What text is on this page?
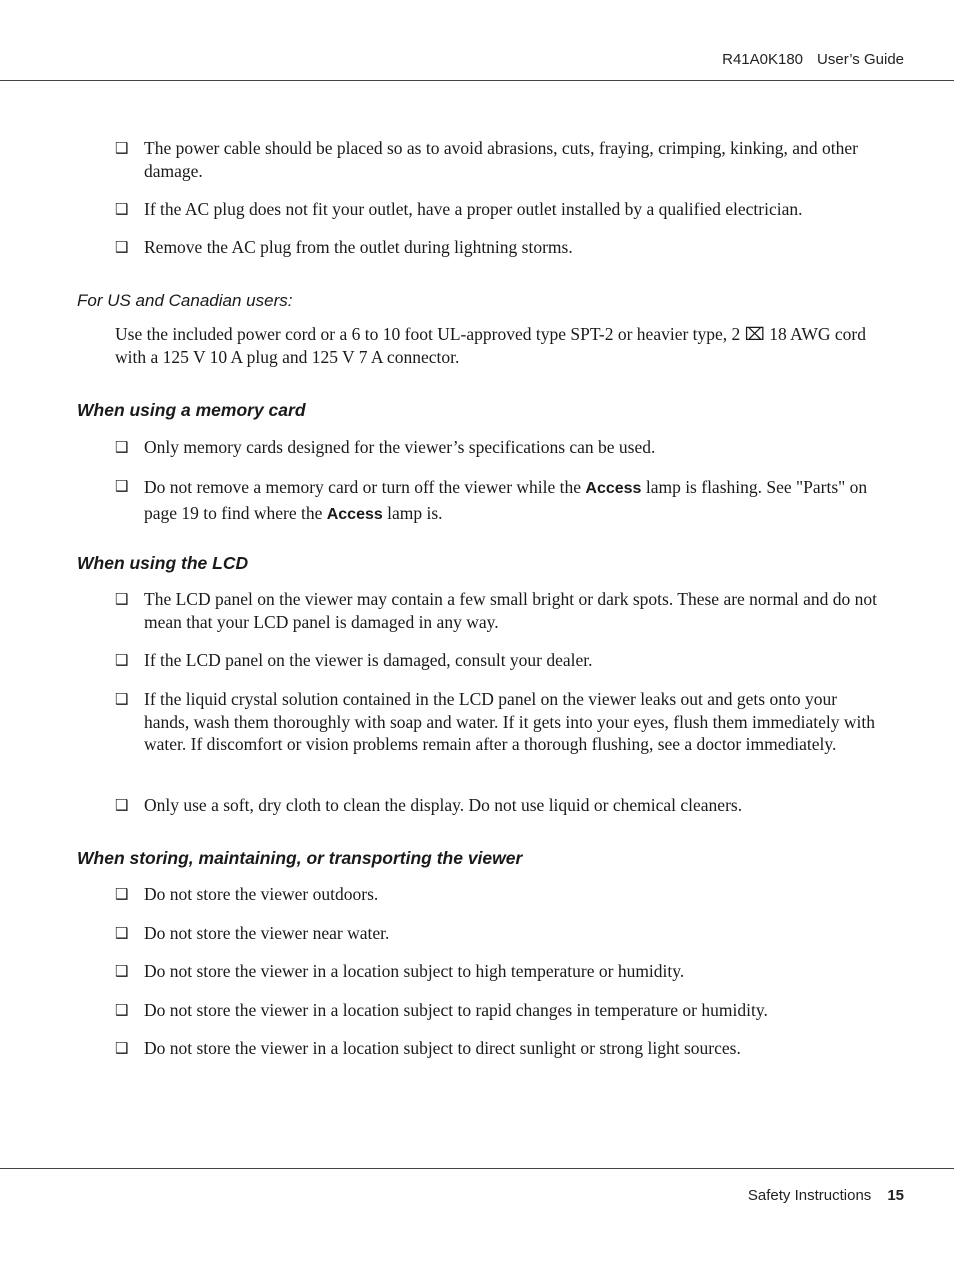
R41A0K180 User’s Guide
❑ The power cable should be placed so as to avoid abrasions, cuts, fraying, crimping, kinking, and other damage.
❑ If the AC plug does not fit your outlet, have a proper outlet installed by a qualified electrician.
❑ Remove the AC plug from the outlet during lightning storms.
For US and Canadian users:

Use the included power cord or a 6 to 10 foot UL-approved type SPT-2 or heavier type, 2 ⌧ 18 AWG cord with a 125 V 10 A plug and 125 V 7 A connector.

When using a memory card
❑ Only memory cards designed for the viewer’s specifications can be used.
❑ Do not remove a memory card or turn off the viewer while the Access lamp is flashing. See "Parts" on page 19 to find where the Access lamp is.
When using the LCD
❑ The LCD panel on the viewer may contain a few small bright or dark spots. These are normal and do not mean that your LCD panel is damaged in any way.
❑ If the LCD panel on the viewer is damaged, consult your dealer.
❑ If the liquid crystal solution contained in the LCD panel on the viewer leaks out and gets onto your hands, wash them thoroughly with soap and water. If it gets into your eyes, flush them immediately with water. If discomfort or vision problems remain after a thorough flushing, see a doctor immediately.
❑ Only use a soft, dry cloth to clean the display. Do not use liquid or chemical cleaners.
When storing, maintaining, or transporting the viewer
❑ Do not store the viewer outdoors.
❑ Do not store the viewer near water.
❑ Do not store the viewer in a location subject to high temperature or humidity.
❑ Do not store the viewer in a location subject to rapid changes in temperature or humidity.
❑ Do not store the viewer in a location subject to direct sunlight or strong light sources.
Safety Instructions 15
